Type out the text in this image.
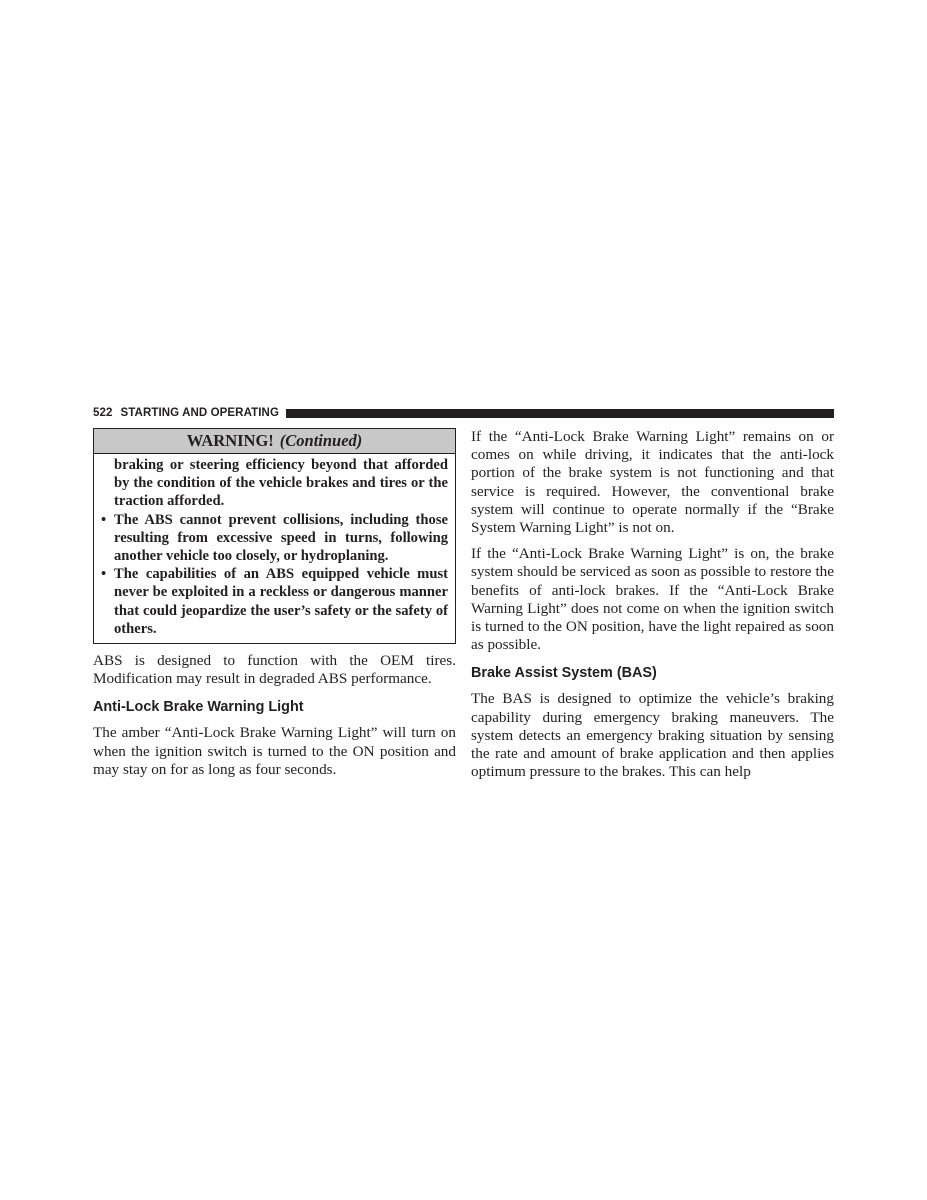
522 STARTING AND OPERATING
WARNING! (Continued)

braking or steering efficiency beyond that afforded by the condition of the vehicle brakes and tires or the traction afforded.

• The ABS cannot prevent collisions, including those resulting from excessive speed in turns, following another vehicle too closely, or hydroplaning.
• The capabilities of an ABS equipped vehicle must never be exploited in a reckless or dangerous manner that could jeopardize the user’s safety or the safety of others.

ABS is designed to function with the OEM tires. Modification may result in degraded ABS performance.

Anti-Lock Brake Warning Light

The amber “Anti-Lock Brake Warning Light” will turn on when the ignition switch is turned to the ON position and may stay on for as long as four seconds.

If the “Anti-Lock Brake Warning Light” remains on or comes on while driving, it indicates that the anti-lock portion of the brake system is not functioning and that service is required. However, the conventional brake system will continue to operate normally if the “Brake System Warning Light” is not on.

If the “Anti-Lock Brake Warning Light” is on, the brake system should be serviced as soon as possible to restore the benefits of anti-lock brakes. If the “Anti-Lock Brake Warning Light” does not come on when the ignition switch is turned to the ON position, have the light repaired as soon as possible.

Brake Assist System (BAS)

The BAS is designed to optimize the vehicle’s braking capability during emergency braking maneuvers. The system detects an emergency braking situation by sensing the rate and amount of brake application and then applies optimum pressure to the brakes. This can help
